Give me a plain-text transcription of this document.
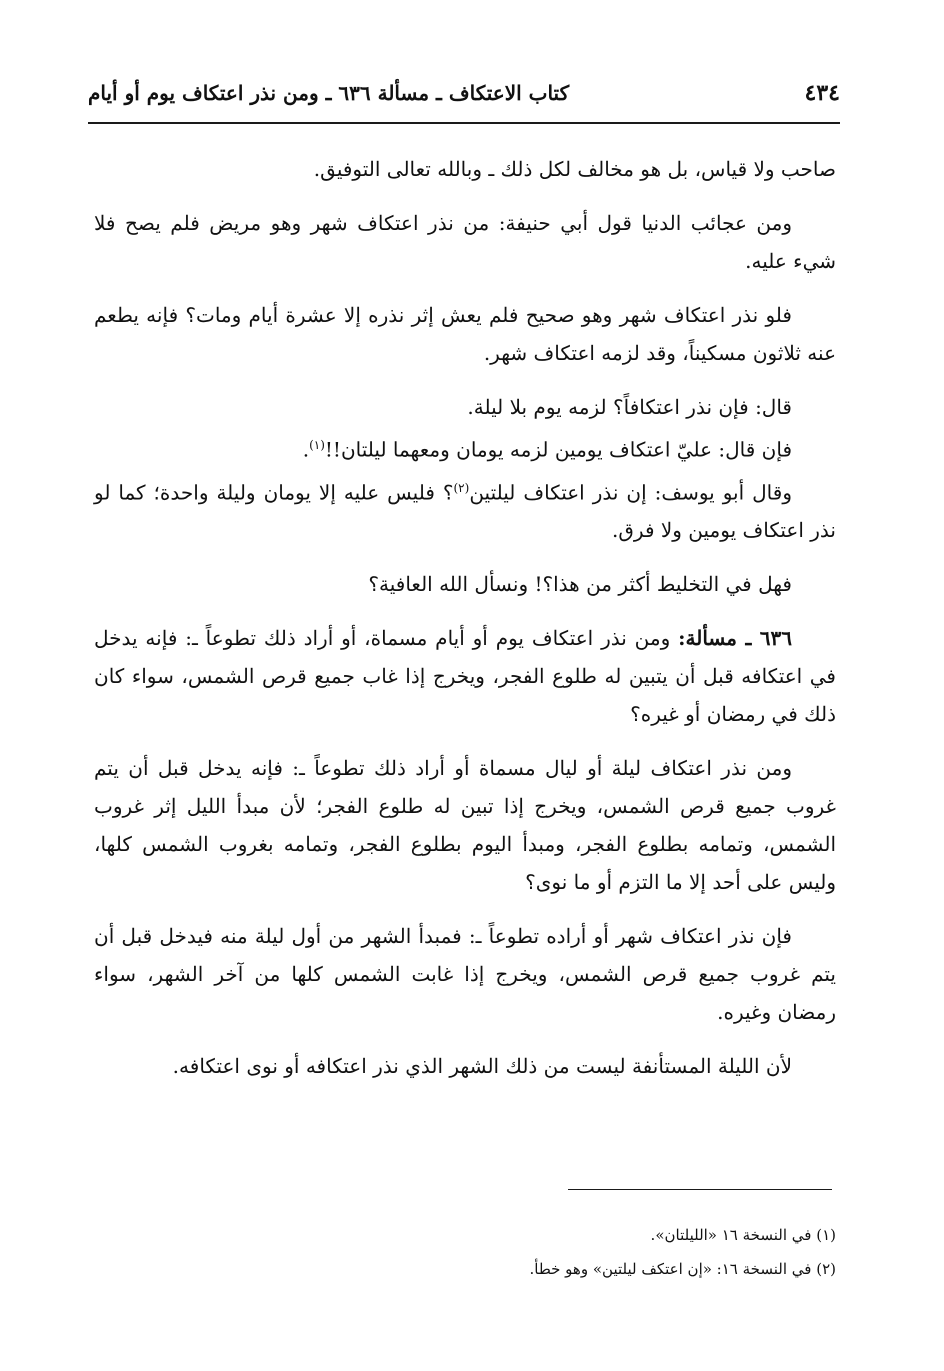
٤٣٤
كتاب الاعتكاف ـ مسألة ٦٣٦ ـ ومن نذر اعتكاف يوم أو أيام

صاحب ولا قياس، بل هو مخالف لكل ذلك ـ وبالله تعالى التوفيق.

ومن عجائب الدنيا قول أبي حنيفة: من نذر اعتكاف شهر وهو مريض فلم يصح فلا شيء عليه.

فلو نذر اعتكاف شهر وهو صحيح فلم يعش إثر نذره إلا عشرة أيام ومات؟ فإنه يطعم عنه ثلاثون مسكيناً، وقد لزمه اعتكاف شهر.

قال: فإن نذر اعتكافاً؟ لزمه يوم بلا ليلة.

فإن قال: عليّ اعتكاف يومين لزمه يومان ومعهما ليلتان!!$^{(١)}$.

وقال أبو يوسف: إن نذر اعتكاف ليلتين$^{(٢)}$؟ فليس عليه إلا يومان وليلة واحدة؛ كما لو نذر اعتكاف يومين ولا فرق.

فهل في التخليط أكثر من هذا؟! ونسأل الله العافية؟

٦٣٦ ـ مسألة: ومن نذر اعتكاف يوم أو أيام مسماة، أو أراد ذلك تطوعاً ـ: فإنه يدخل في اعتكافه قبل أن يتبين له طلوع الفجر، ويخرج إذا غاب جميع قرص الشمس، سواء كان ذلك في رمضان أو غيره؟

ومن نذر اعتكاف ليلة أو ليال مسماة أو أراد ذلك تطوعاً ـ: فإنه يدخل قبل أن يتم غروب جميع قرص الشمس، ويخرج إذا تبين له طلوع الفجر؛ لأن مبدأ الليل إثر غروب الشمس، وتمامه بطلوع الفجر، ومبدأ اليوم بطلوع الفجر، وتمامه بغروب الشمس كلها، وليس على أحد إلا ما التزم أو ما نوى؟

فإن نذر اعتكاف شهر أو أراده تطوعاً ـ: فمبدأ الشهر من أول ليلة منه فيدخل قبل أن يتم غروب جميع قرص الشمس، ويخرج إذا غابت الشمس كلها من آخر الشهر، سواء رمضان وغيره.

لأن الليلة المستأنفة ليست من ذلك الشهر الذي نذر اعتكافه أو نوى اعتكافه.

(١) في النسخة ١٦ «الليلتان».

(٢) في النسخة ١٦: «إن اعتكف ليلتين» وهو خطأ.
